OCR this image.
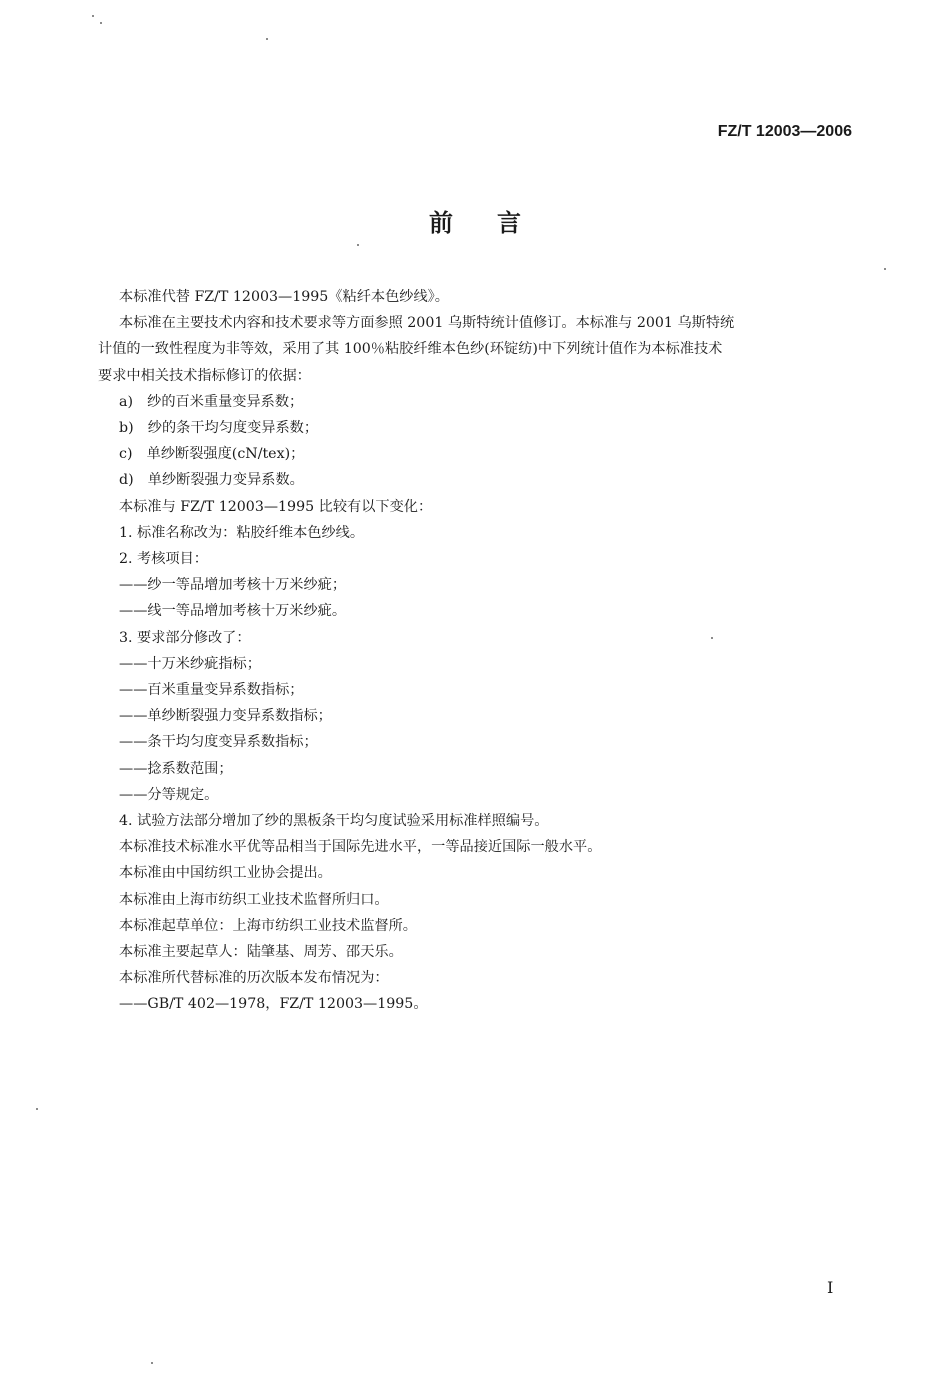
FZ/T 12003—2006
前言
本标准代替 FZ/T 12003—1995《粘纤本色纱线》。
本标准在主要技术内容和技术要求等方面参照 2001 乌斯特统计值修订。本标准与 2001 乌斯特统
计值的一致性程度为非等效，采用了其 100％粘胶纤维本色纱(环锭纺)中下列统计值作为本标准技术
要求中相关技术指标修订的依据：
a)　纱的百米重量变异系数；
b)　纱的条干均匀度变异系数；
c)　单纱断裂强度(cN/tex)；
d)　单纱断裂强力变异系数。
本标准与 FZ/T 12003—1995 比较有以下变化：
1. 标准名称改为：粘胶纤维本色纱线。
2. 考核项目：
——纱一等品增加考核十万米纱疵；
——线一等品增加考核十万米纱疵。
3. 要求部分修改了：
——十万米纱疵指标；
——百米重量变异系数指标；
——单纱断裂强力变异系数指标；
——条干均匀度变异系数指标；
——捻系数范围；
——分等规定。
4. 试验方法部分增加了纱的黑板条干均匀度试验采用标准样照编号。
本标准技术标准水平优等品相当于国际先进水平，一等品接近国际一般水平。
本标准由中国纺织工业协会提出。
本标准由上海市纺织工业技术监督所归口。
本标准起草单位：上海市纺织工业技术监督所。
本标准主要起草人：陆肇基、周芳、邵天乐。
本标准所代替标准的历次版本发布情况为：
——GB/T 402—1978，FZ/T 12003—1995。
I
